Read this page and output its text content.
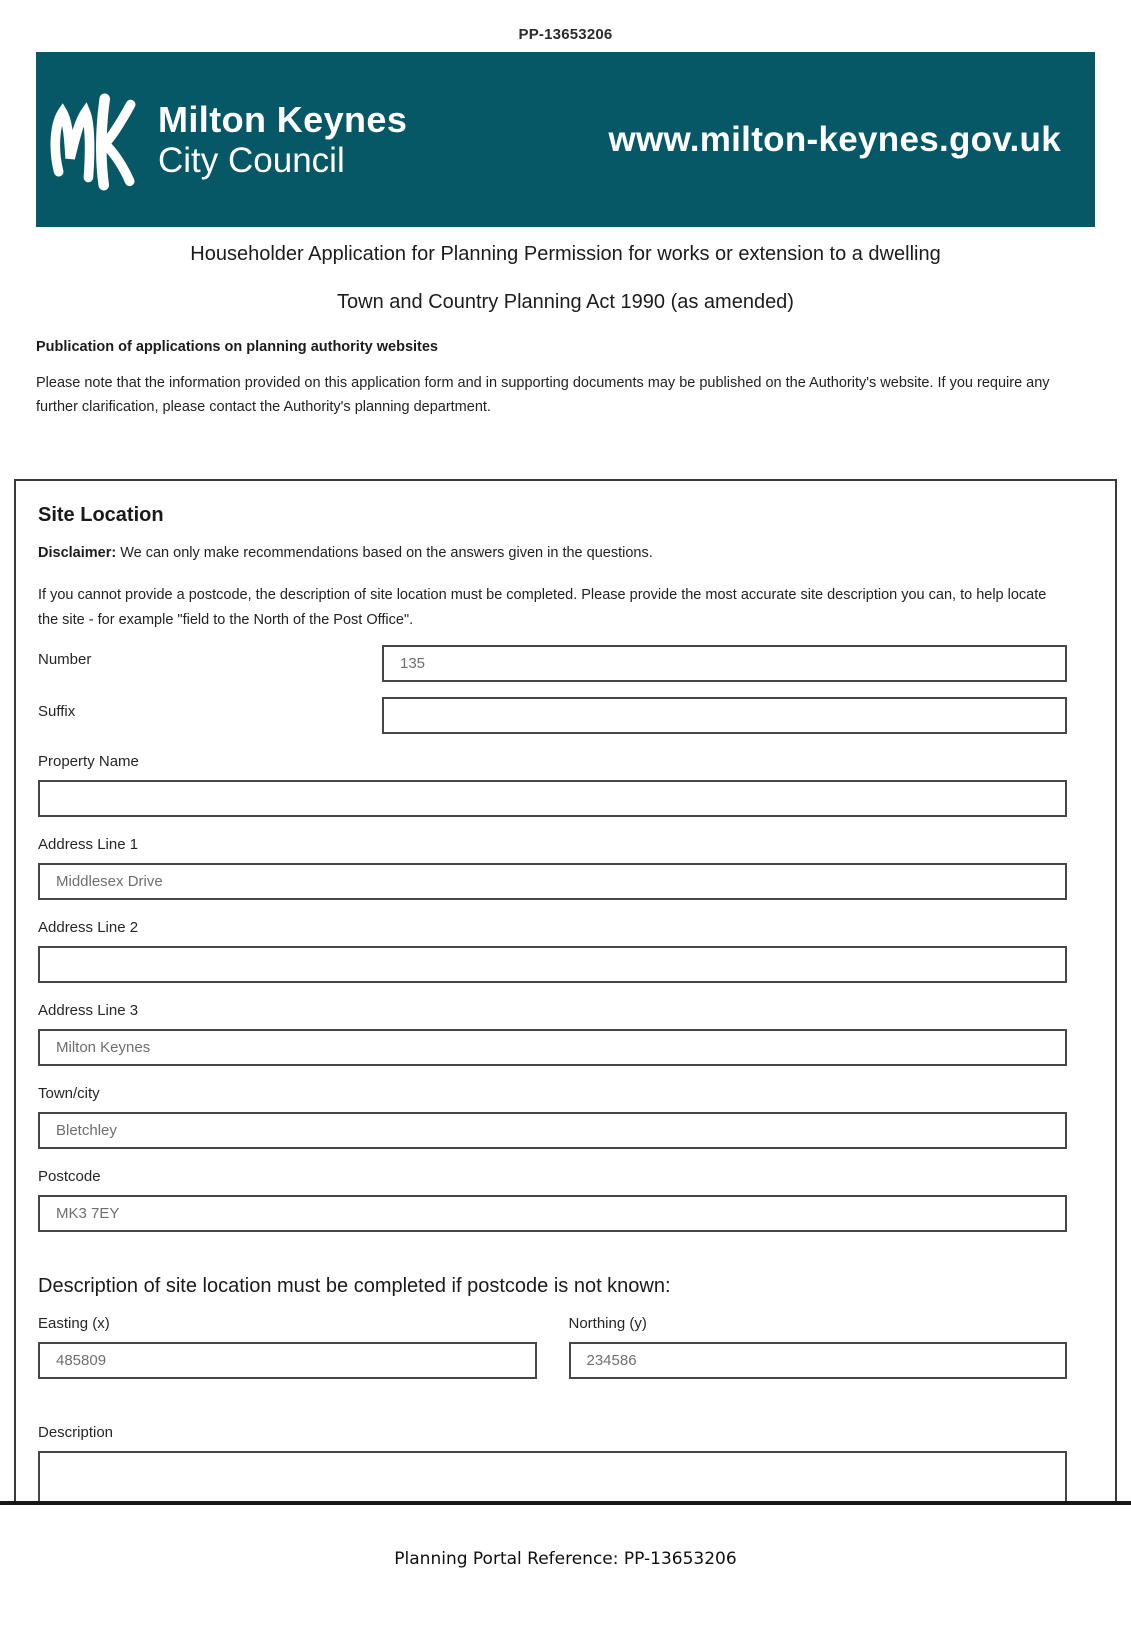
PP-13653206
Milton Keynes
City Council
www.milton-keynes.gov.uk
Householder Application for Planning Permission for works or extension to a dwelling
Town and Country Planning Act 1990 (as amended)
Publication of applications on planning authority websites
Please note that the information provided on this application form and in supporting documents may be published on the Authority's website. If you require any further clarification, please contact the Authority's planning department.
Site Location
Disclaimer: We can only make recommendations based on the answers given in the questions.
If you cannot provide a postcode, the description of site location must be completed. Please provide the most accurate site description you can, to help locate the site - for example "field to the North of the Post Office".
Number
135
Suffix
Property Name
Address Line 1
Middlesex Drive
Address Line 2
Address Line 3
Milton Keynes
Town/city
Bletchley
Postcode
MK3 7EY
Description of site location must be completed if postcode is not known:
Easting (x)
485809	Northing (y)
234586
Description
Planning Portal Reference: PP-13653206
